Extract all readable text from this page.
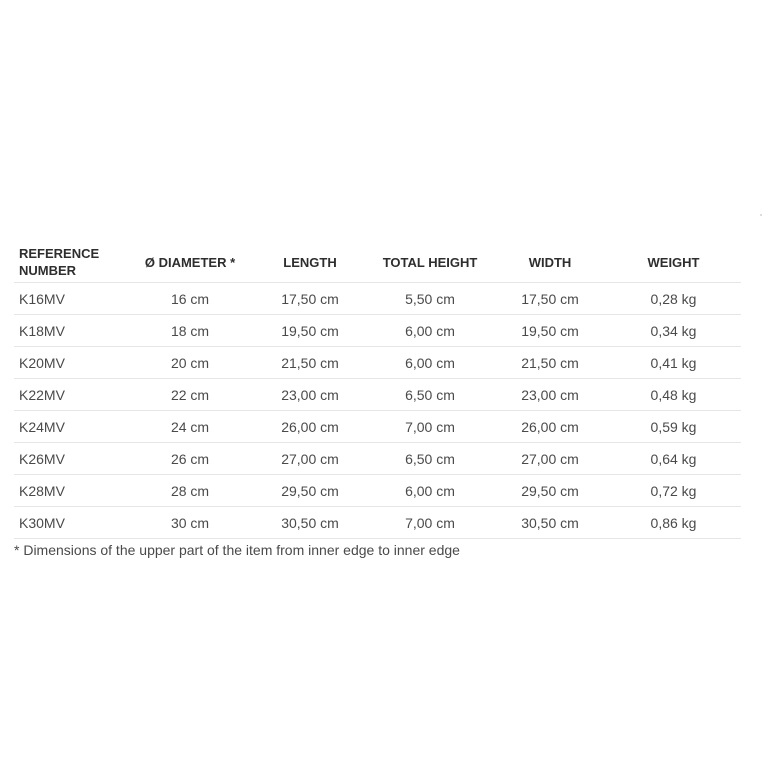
REFERENCE NUMBER	Ø DIAMETER *	LENGTH	TOTAL HEIGHT	WIDTH	WEIGHT
K16MV	16 cm	17,50 cm	5,50 cm	17,50 cm	0,28 kg
K18MV	18 cm	19,50 cm	6,00 cm	19,50 cm	0,34 kg
K20MV	20 cm	21,50 cm	6,00 cm	21,50 cm	0,41 kg
K22MV	22 cm	23,00 cm	6,50 cm	23,00 cm	0,48 kg
K24MV	24 cm	26,00 cm	7,00 cm	26,00 cm	0,59 kg
K26MV	26 cm	27,00 cm	6,50 cm	27,00 cm	0,64 kg
K28MV	28 cm	29,50 cm	6,00 cm	29,50 cm	0,72 kg
K30MV	30 cm	30,50 cm	7,00 cm	30,50 cm	0,86 kg

* Dimensions of the upper part of the item from inner edge to inner edge
